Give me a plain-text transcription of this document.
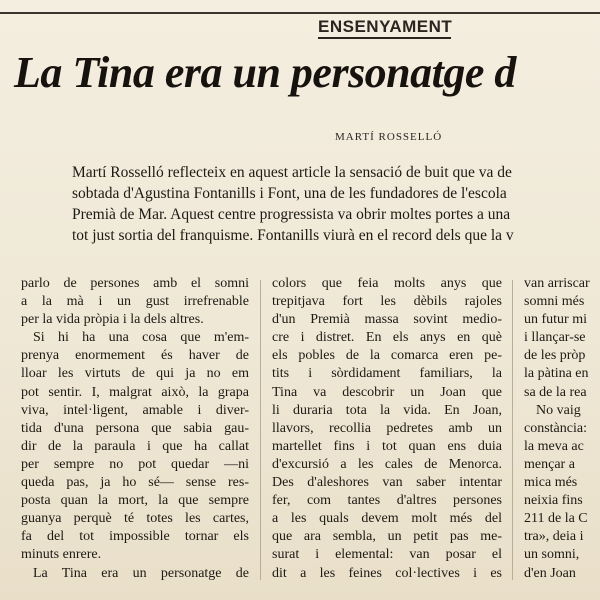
ENSENYAMENT
La Tina era un personatge d
MARTÍ ROSSELLÓ
Martí Rosselló reflecteix en aquest article la sensació de buit que va de
sobtada d'Agustina Fontanills i Font, una de les fundadores de l'escola
Premià de Mar. Aquest centre progressista va obrir moltes portes a una
tot just sortia del franquisme. Fontanills viurà en el record dels que la v
parlo de persones amb el somni
a la mà i un gust irrefrenable
per la vida pròpia i la dels altres.
Si hi ha una cosa que m'em-
prenya enormement és haver de
lloar les virtuts de qui ja no em
pot sentir. I, malgrat això, la grapa
viva, intel·ligent, amable i diver-
tida d'una persona que sabia gau-
dir de la paraula i que ha callat
per sempre no pot quedar —ni
queda pas, ja ho sé— sense res-
posta quan la mort, la que sempre
guanya perquè té totes les cartes,
fa del tot impossible tornar els
minuts enrere.
La Tina era un personatge de
colors que feia molts anys que
trepitjava fort les dèbils rajoles
d'un Premià massa sovint medio-
cre i distret. En els anys en què
els pobles de la comarca eren pe-
tits i sòrdidament familiars, la
Tina va descobrir un Joan que
li duraria tota la vida. En Joan,
llavors, recollia pedretes amb un
martellet fins i tot quan ens duia
d'excursió a les cales de Menorca.
Des d'aleshores van saber intentar
fer, com tantes d'altres persones
a les quals devem molt més del
que ara sembla, un petit pas me-
surat i elemental: van posar el
dit a les feines col·lectives i es
van arriscar
somni més
un futur mi
i llançar-se
de les pròp
la pàtina en
sa de la rea
No vaig
constància:
la meva ac
mençar a
mica més
neixia fins
211 de la C
tra», deia i
un somni,
d'en Joan
